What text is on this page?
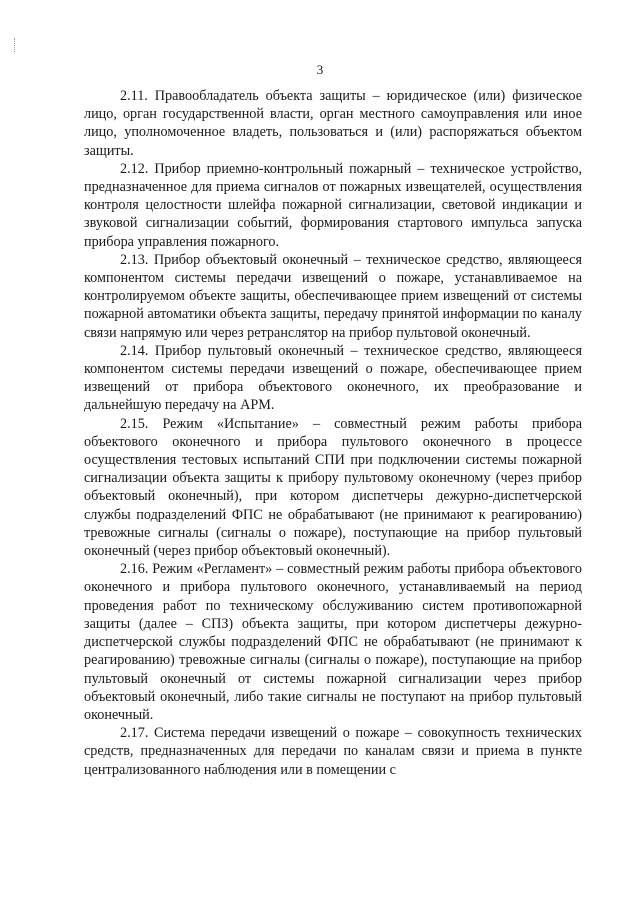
3

2.11. Правообладатель объекта защиты – юридическое (или) физическое лицо, орган государственной власти, орган местного самоуправления или иное лицо, уполномоченное владеть, пользоваться и (или) распоряжаться объектом защиты.

2.12. Прибор приемно-контрольный пожарный – техническое устройство, предназначенное для приема сигналов от пожарных извещателей, осуществления контроля целостности шлейфа пожарной сигнализации, световой индикации и звуковой сигнализации событий, формирования стартового импульса запуска прибора управления пожарного.

2.13. Прибор объектовый оконечный – техническое средство, являющееся компонентом системы передачи извещений о пожаре, устанавливаемое на контролируемом объекте защиты, обеспечивающее прием извещений от системы пожарной автоматики объекта защиты, передачу принятой информации по каналу связи напрямую или через ретранслятор на прибор пультовой оконечный.

2.14. Прибор пультовый оконечный – техническое средство, являющееся компонентом системы передачи извещений о пожаре, обеспечивающее прием извещений от прибора объектового оконечного, их преобразование и дальнейшую передачу на АРМ.

2.15. Режим «Испытание» – совместный режим работы прибора объектового оконечного и прибора пультового оконечного в процессе осуществления тестовых испытаний СПИ при подключении системы пожарной сигнализации объекта защиты к прибору пультовому оконечному (через прибор объектовый оконечный), при котором диспетчеры дежурно-диспетчерской службы подразделений ФПС не обрабатывают (не принимают к реагированию) тревожные сигналы (сигналы о пожаре), поступающие на прибор пультовый оконечный (через прибор объектовый оконечный).

2.16. Режим «Регламент» – совместный режим работы прибора объектового оконечного и прибора пультового оконечного, устанавливаемый на период проведения работ по техническому обслуживанию систем противопожарной защиты (далее – СПЗ) объекта защиты, при котором диспетчеры дежурно-диспетчерской службы подразделений ФПС не обрабатывают (не принимают к реагированию) тревожные сигналы (сигналы о пожаре), поступающие на прибор пультовый оконечный от системы пожарной сигнализации через прибор объектовый оконечный, либо такие сигналы не поступают на прибор пультовый оконечный.

2.17. Система передачи извещений о пожаре – совокупность технических средств, предназначенных для передачи по каналам связи и приема в пункте централизованного наблюдения или в помещении с
